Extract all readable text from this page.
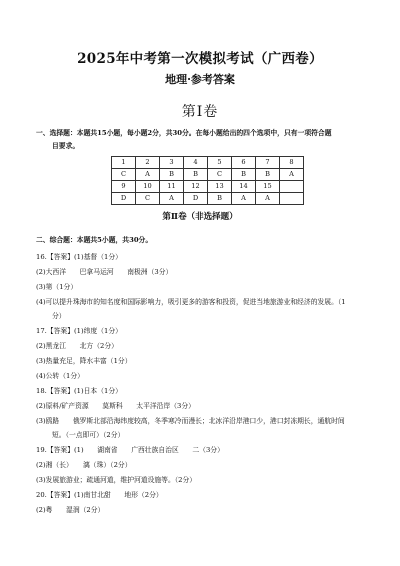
2025年中考第一次模拟考试（广西卷）
地理·参考答案
第Ⅰ卷
一、选择题：本题共15小题，每小题2分，共30分。在每小题给出的四个选项中，只有一项符合题
目要求。
1	2	3	4	5	6	7	8
C	A	B	B	C	B	B	A
9	10	11	12	13	14	15	
D	C	A	D	B	A	A	
第Ⅱ卷（非选择题）
二、综合题：本题共5小题，共30分。
16.【答案】(1)基督（1分）
(2)大西洋　　巴拿马运河　　南极洲（3分）
(3)第（1分）
(4)可以提升珠海市的知名度和国际影响力，吸引更多的游客和投资，促进当地旅游业和经济的发展。（1
分）
17.【答案】(1)纬度（1分）
(2)黑龙江　　北方（2分）
(3)热量充足，降水丰富（1分）
(4)公转（1分）
18.【答案】(1)日本（1分）
(2)原料/矿产资源　　莫斯科　　太平洋沿岸（3分）
(3)鸥路　　俄罗斯北部沿海纬度较高，冬季寒冷而漫长；北冰洋沿岸港口少，港口封冻期长，通航时间
短。（一点即可）（2分）
19.【答案】(1)　　湖南省　　广西壮族自治区　　二（3分）
(2)湘（长）　　漓（珠）（2分）
(3)发展旅游业；疏通河道，维护河道设施等。（2分）
20.【答案】(1)南甘北甜　　地形（2分）
(2)粤　　湿润（2分）
